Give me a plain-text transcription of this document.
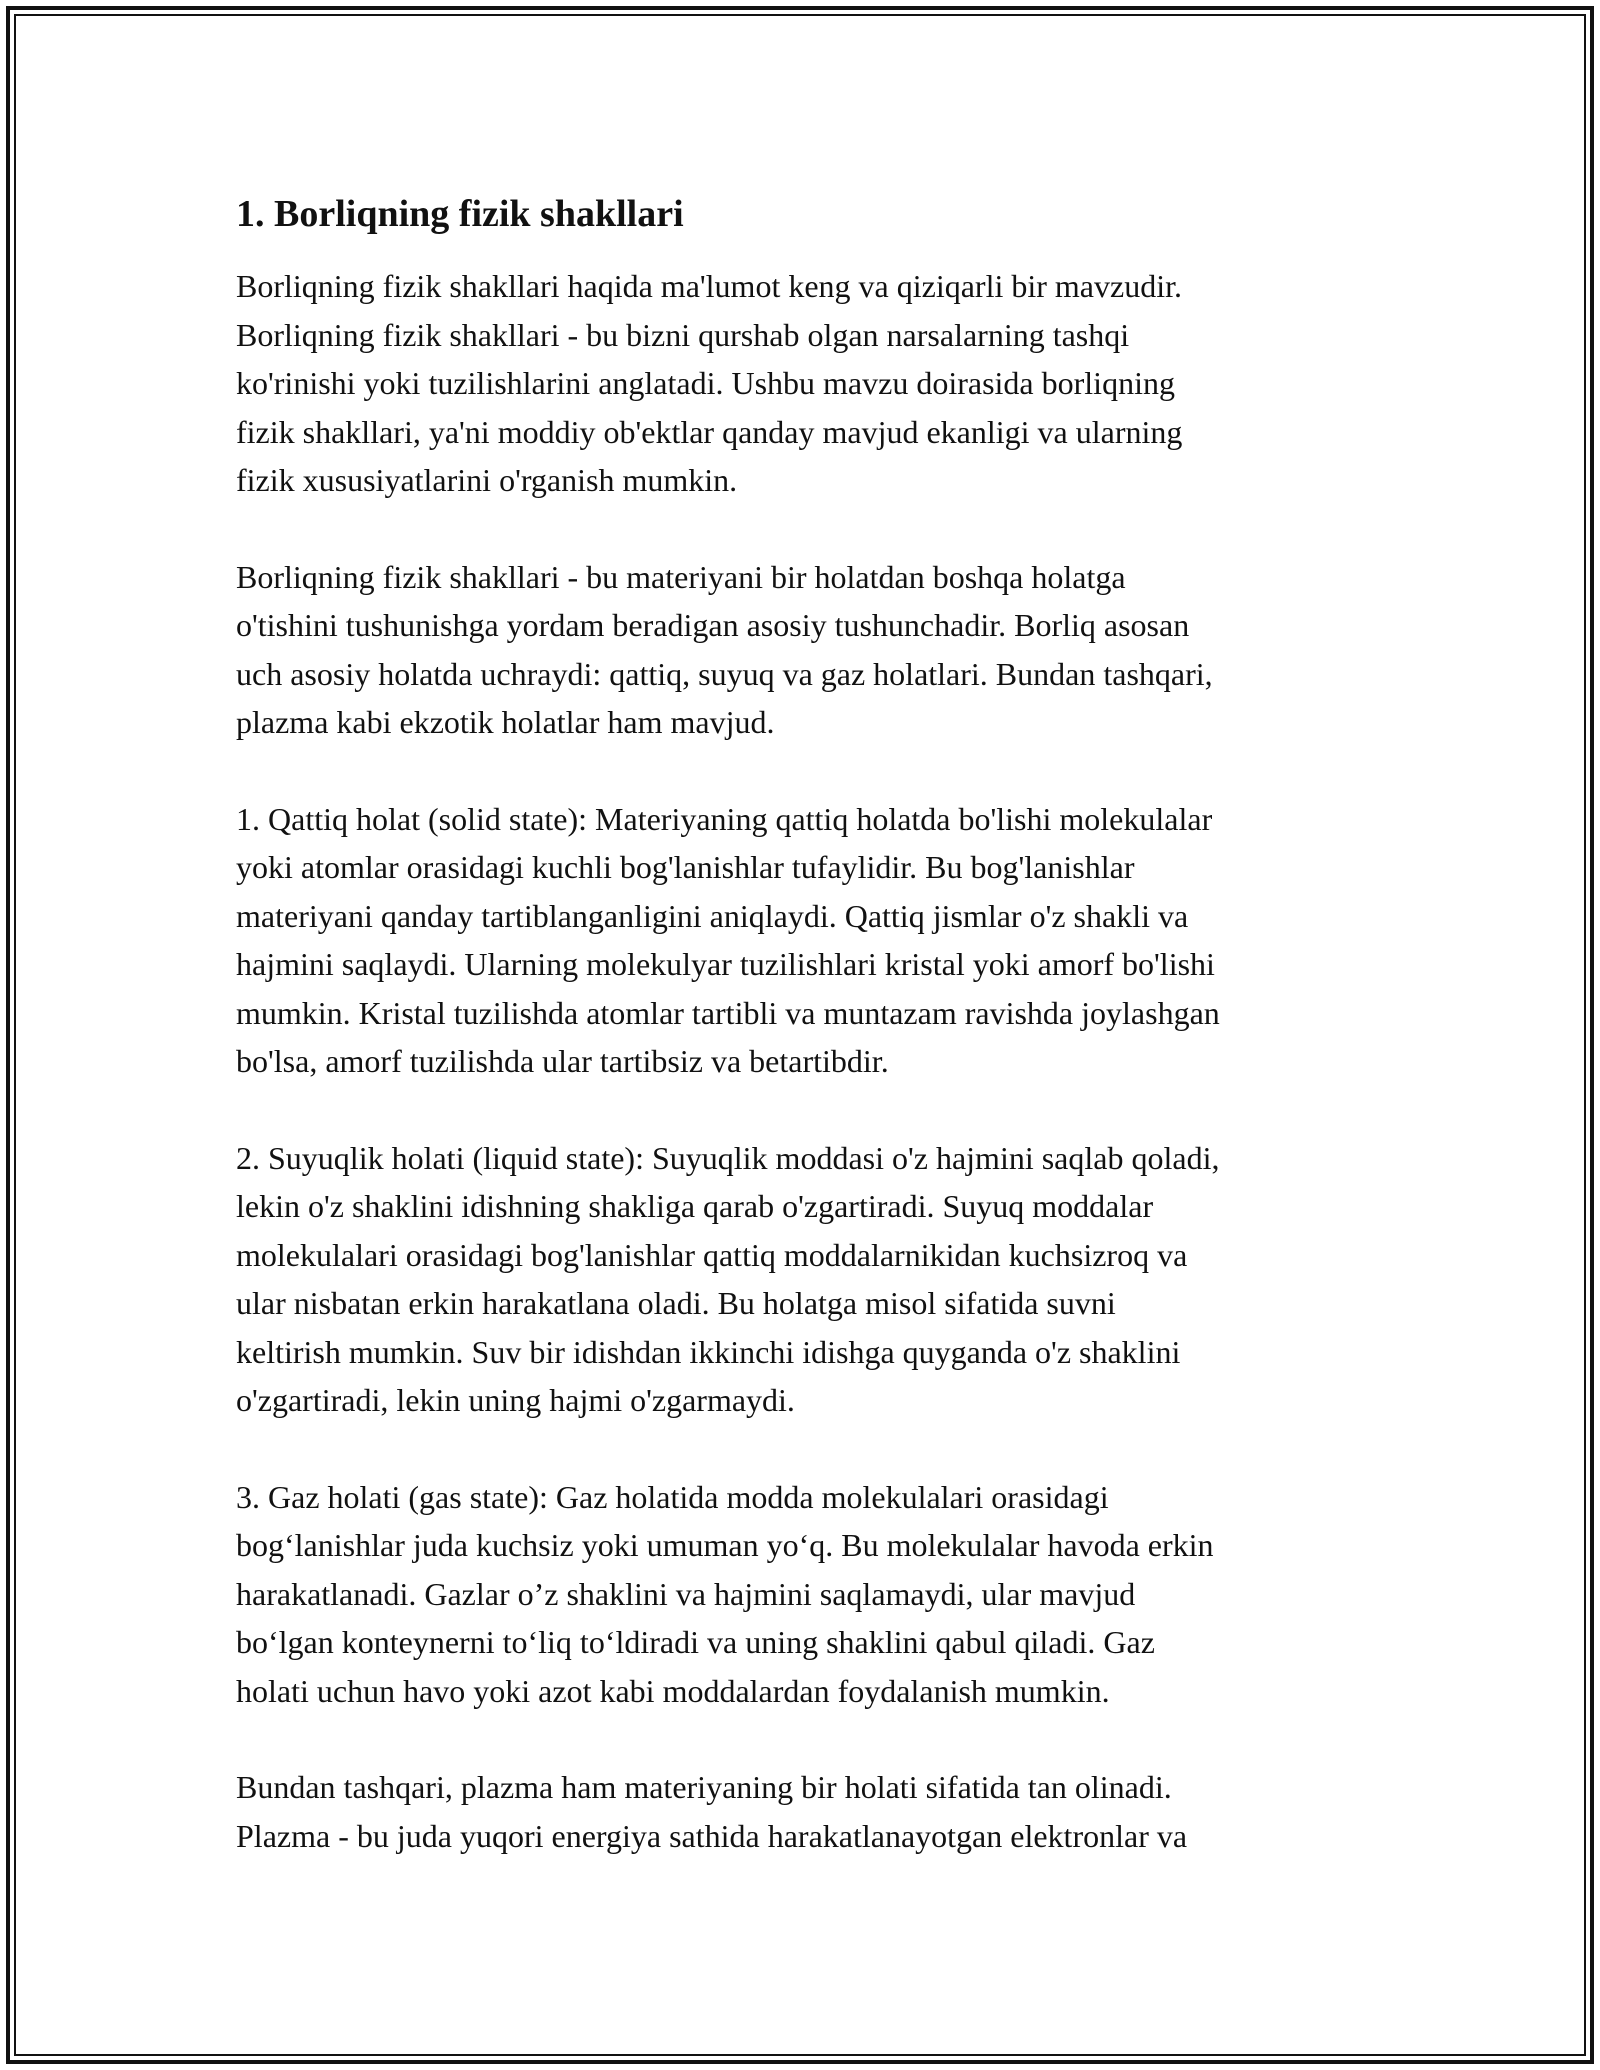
1. Borliqning fizik shakllari
Borliqning fizik shakllari haqida ma'lumot keng va qiziqarli bir mavzudir.
Borliqning fizik shakllari - bu bizni qurshab olgan narsalarning tashqi
ko'rinishi yoki tuzilishlarini anglatadi. Ushbu mavzu doirasida borliqning
fizik shakllari, ya'ni moddiy ob'ektlar qanday mavjud ekanligi va ularning
fizik xususiyatlarini o'rganish mumkin.
Borliqning fizik shakllari - bu materiyani bir holatdan boshqa holatga
o'tishini tushunishga yordam beradigan asosiy tushunchadir. Borliq asosan
uch asosiy holatda uchraydi: qattiq, suyuq va gaz holatlari. Bundan tashqari,
plazma kabi ekzotik holatlar ham mavjud.
1. Qattiq holat (solid state): Materiyaning qattiq holatda bo'lishi molekulalar
yoki atomlar orasidagi kuchli bog'lanishlar tufaylidir. Bu bog'lanishlar
materiyani qanday tartiblanganligini aniqlaydi. Qattiq jismlar o'z shakli va
hajmini saqlaydi. Ularning molekulyar tuzilishlari kristal yoki amorf bo'lishi
mumkin. Kristal tuzilishda atomlar tartibli va muntazam ravishda joylashgan
bo'lsa, amorf tuzilishda ular tartibsiz va betartibdir.
2. Suyuqlik holati (liquid state): Suyuqlik moddasi o'z hajmini saqlab qoladi,
lekin o'z shaklini idishning shakliga qarab o'zgartiradi. Suyuq moddalar
molekulalari orasidagi bog'lanishlar qattiq moddalarnikidan kuchsizroq va
ular nisbatan erkin harakatlana oladi. Bu holatga misol sifatida suvni
keltirish mumkin. Suv bir idishdan ikkinchi idishga quyganda o'z shaklini
o'zgartiradi, lekin uning hajmi o'zgarmaydi.
3. Gaz holati (gas state): Gaz holatida modda molekulalari orasidagi
bog‘lanishlar juda kuchsiz yoki umuman yo‘q. Bu molekulalar havoda erkin
harakatlanadi. Gazlar o’z shaklini va hajmini saqlamaydi, ular mavjud
bo‘lgan konteynerni to‘liq to‘ldiradi va uning shaklini qabul qiladi. Gaz
holati uchun havo yoki azot kabi moddalardan foydalanish mumkin.
Bundan tashqari, plazma ham materiyaning bir holati sifatida tan olinadi.
Plazma - bu juda yuqori energiya sathida harakatlanayotgan elektronlar va
